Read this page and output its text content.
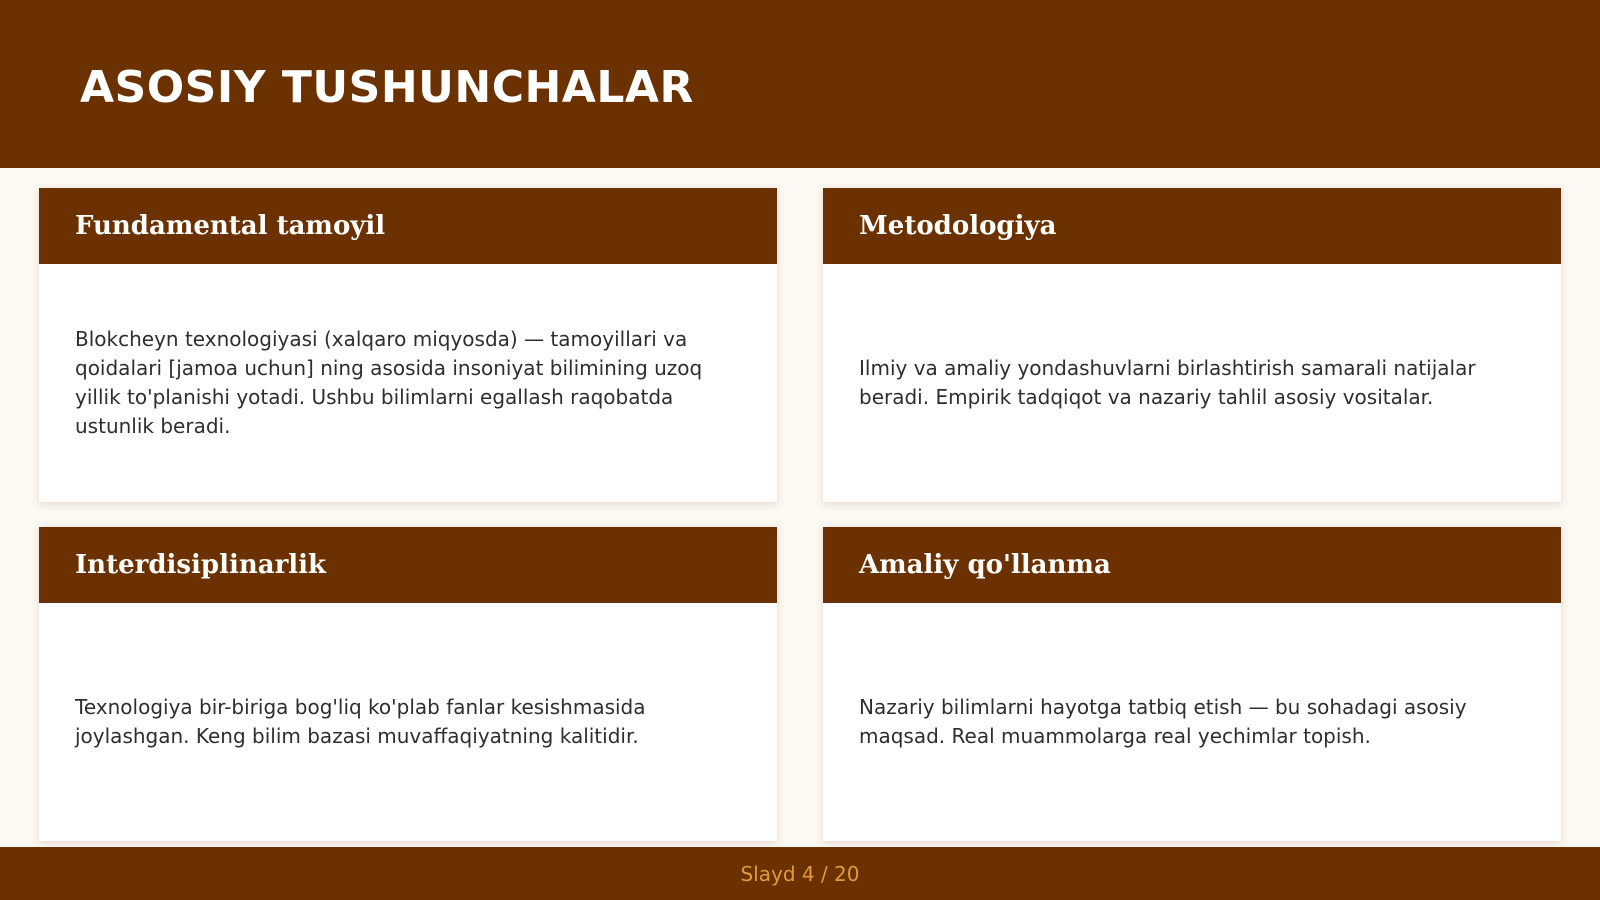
ASOSIY TUSHUNCHALAR
Fundamental tamoyil

Blokcheyn texnologiyasi (xalqaro miqyosda) — tamoyillari va qoidalari [jamoa uchun] ning asosida insoniyat bilimining uzoq yillik to'planishi yotadi. Ushbu bilimlarni egallash raqobatda ustunlik beradi.

Metodologiya

Ilmiy va amaliy yondashuvlarni birlashtirish samarali natijalar beradi. Empirik tadqiqot va nazariy tahlil asosiy vositalar.

Interdisiplinarlik

Texnologiya bir-biriga bog'liq ko'plab fanlar kesishmasida joylashgan. Keng bilim bazasi muvaffaqiyatning kalitidir.

Amaliy qo'llanma

Nazariy bilimlarni hayotga tatbiq etish — bu sohadagi asosiy maqsad. Real muammolarga real yechimlar topish.

Slayd 4 / 20
